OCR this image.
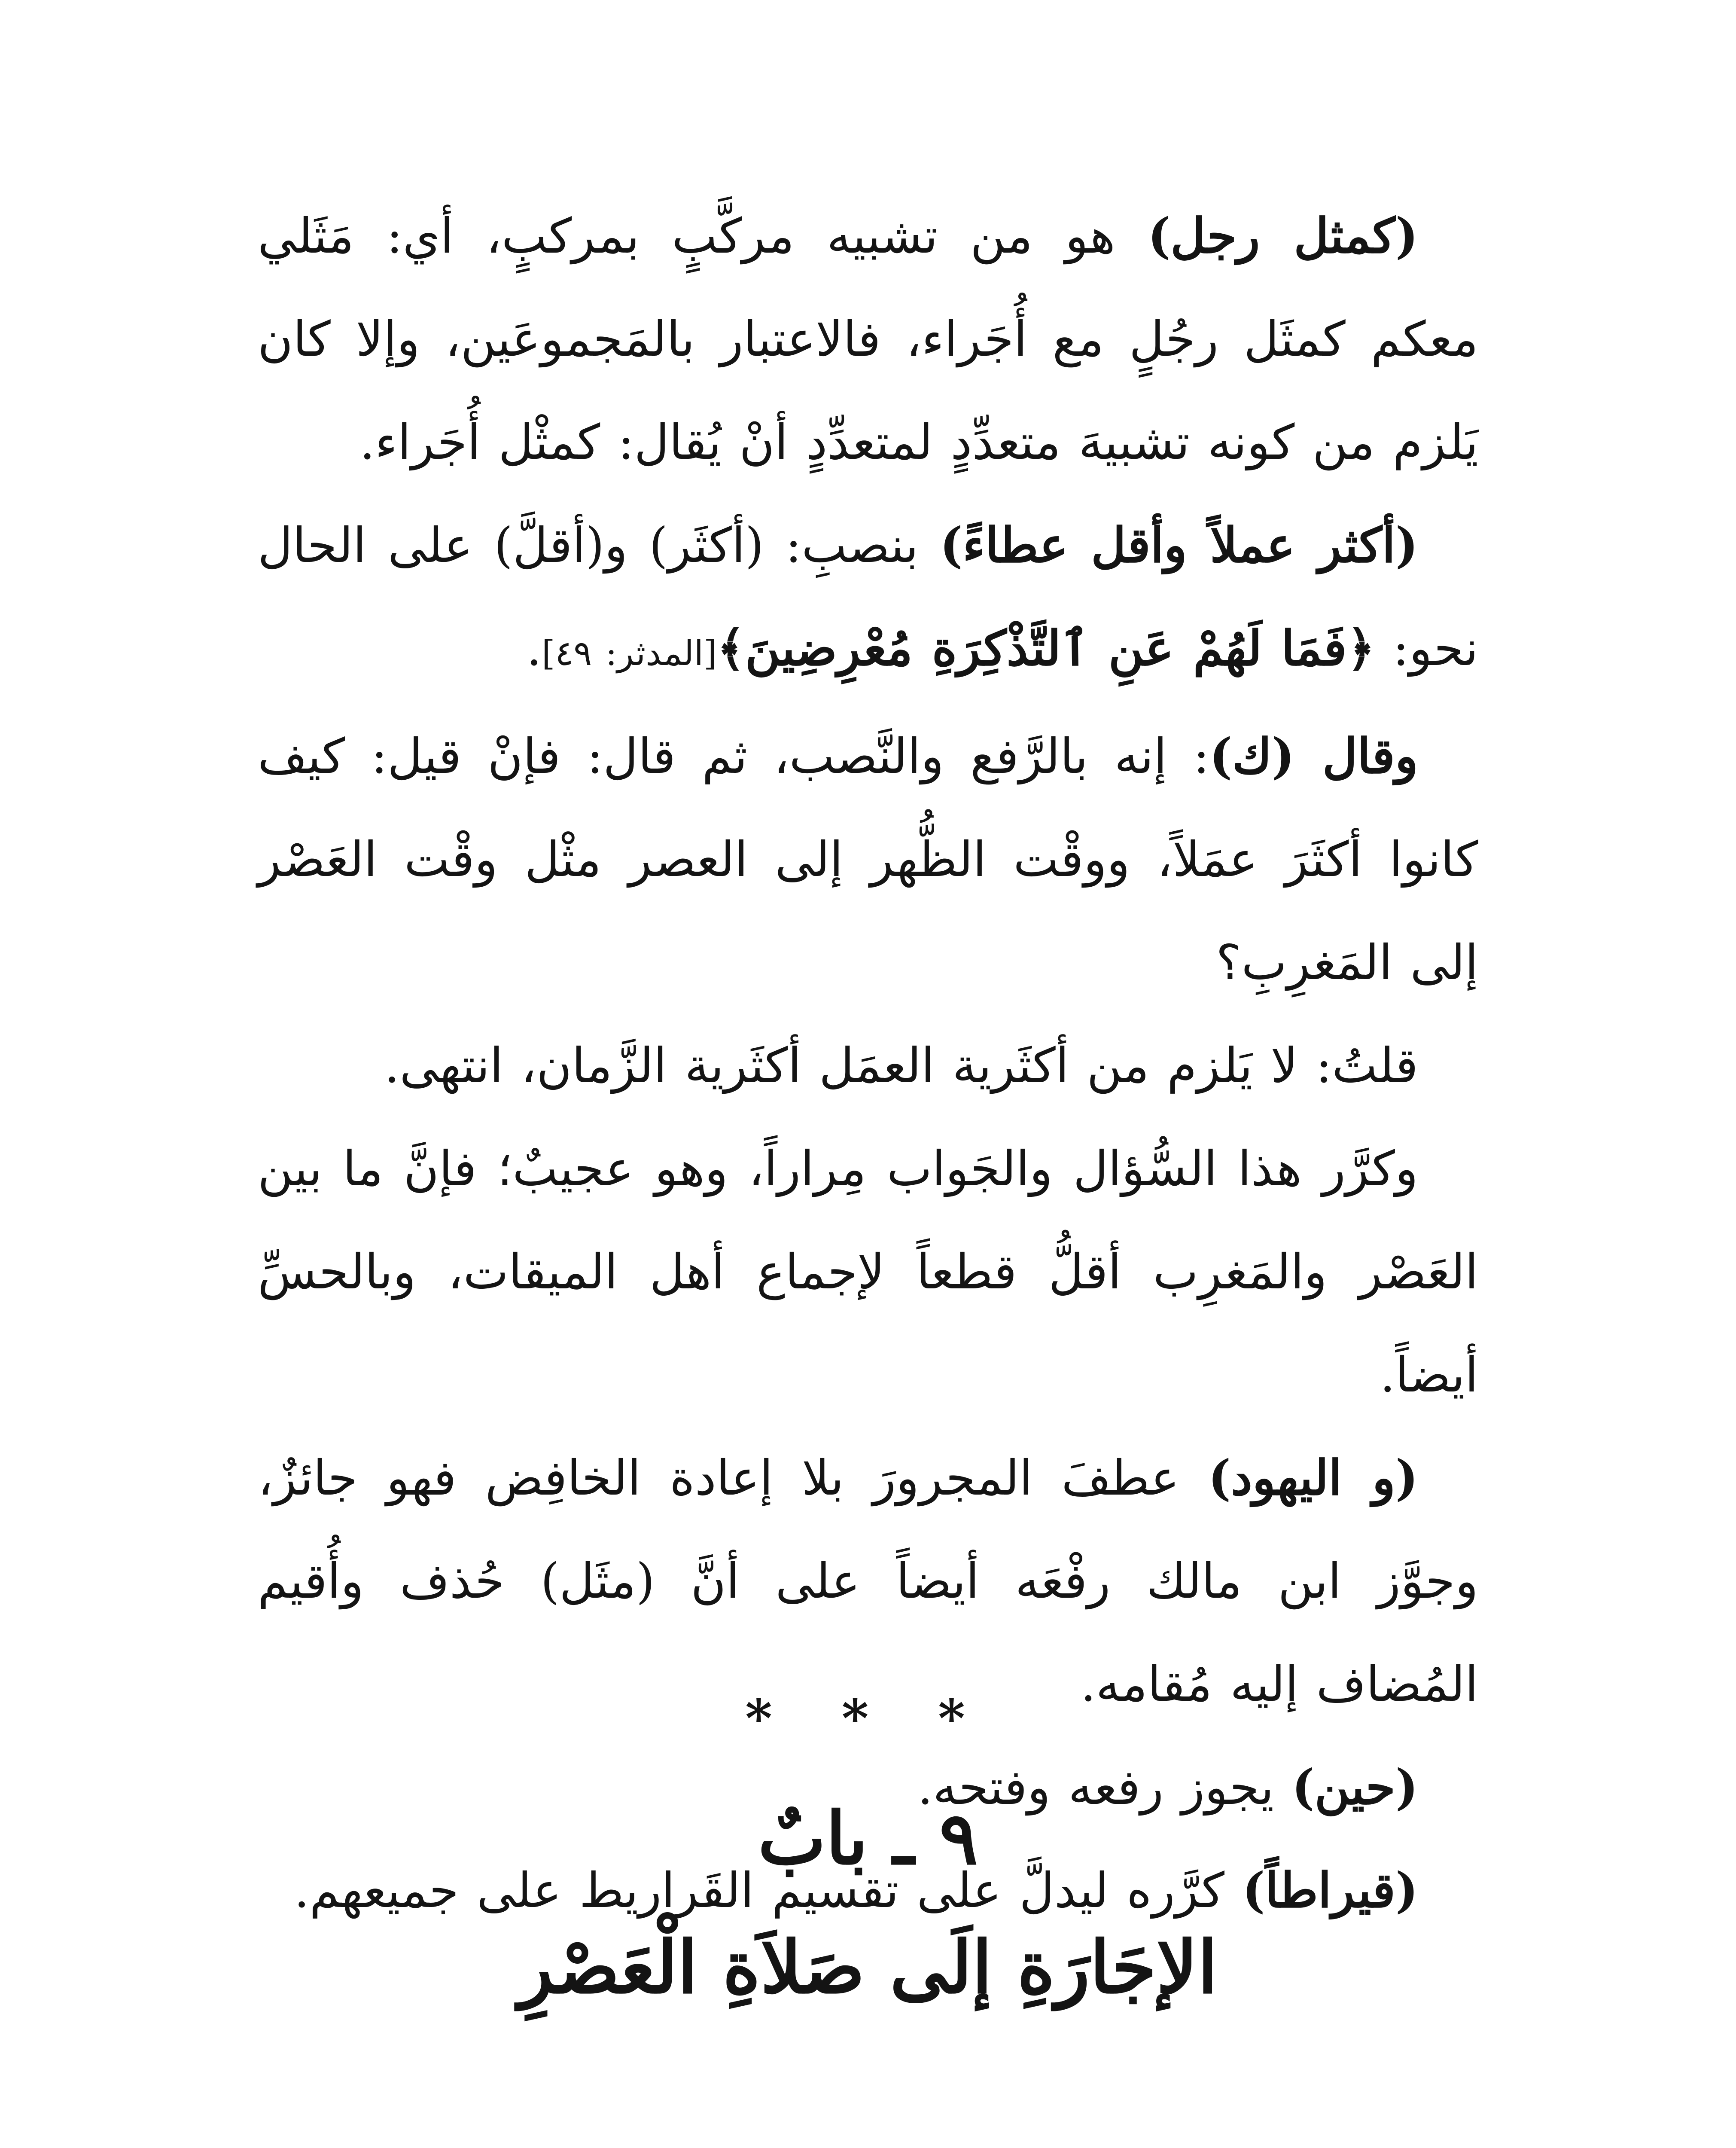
(كمثل رجل) هو من تشبيه مركَّبٍ بمركبٍ، أي: مَثَلي معكم كمثَل رجُلٍ مع أُجَراء، فالاعتبار بالمَجموعَين، وإلا كان يَلزم من كونه تشبيهَ متعدِّدٍ لمتعدِّدٍ أنْ يُقال: كمثْل أُجَراء.

(أكثر عملاً وأقل عطاءً) بنصبِ: (أكثَر) و(أقلَّ) على الحال نحو: ﴿فَمَا لَهُمْ عَنِ ٱلتَّذْكِرَةِ مُعْرِضِينَ﴾[المدثر: ٤٩].

وقال (ك): إنه بالرَّفع والنَّصب، ثم قال: فإنْ قيل: كيف كانوا أكثَرَ عمَلاً، ووقْت الظُّهر إلى العصر مثْل وقْت العَصْر إلى المَغرِبِ؟

قلتُ: لا يَلزم من أكثَرية العمَل أكثَرية الزَّمان، انتهى.

وكرَّر هذا السُّؤال والجَواب مِراراً، وهو عجيبٌ؛ فإنَّ ما بين العَصْر والمَغرِب أقلُّ قطعاً لإجماع أهل الميقات، وبالحسِّ أيضاً.

(و اليهود) عطفَ المجرورَ بلا إعادة الخافِض فهو جائزٌ، وجوَّز ابن مالك رفْعَه أيضاً على أنَّ (مثَل) حُذف وأُقيم المُضاف إليه مُقامه.

(حين) يجوز رفعه وفتحه.

(قيراطاً) كرَّره ليدلَّ على تقسيم القَراريط على جميعهم.

* * *
٩ ـ بابٌ
الإجَارَةِ إلَى صَلاَةِ الْعَصْرِ
